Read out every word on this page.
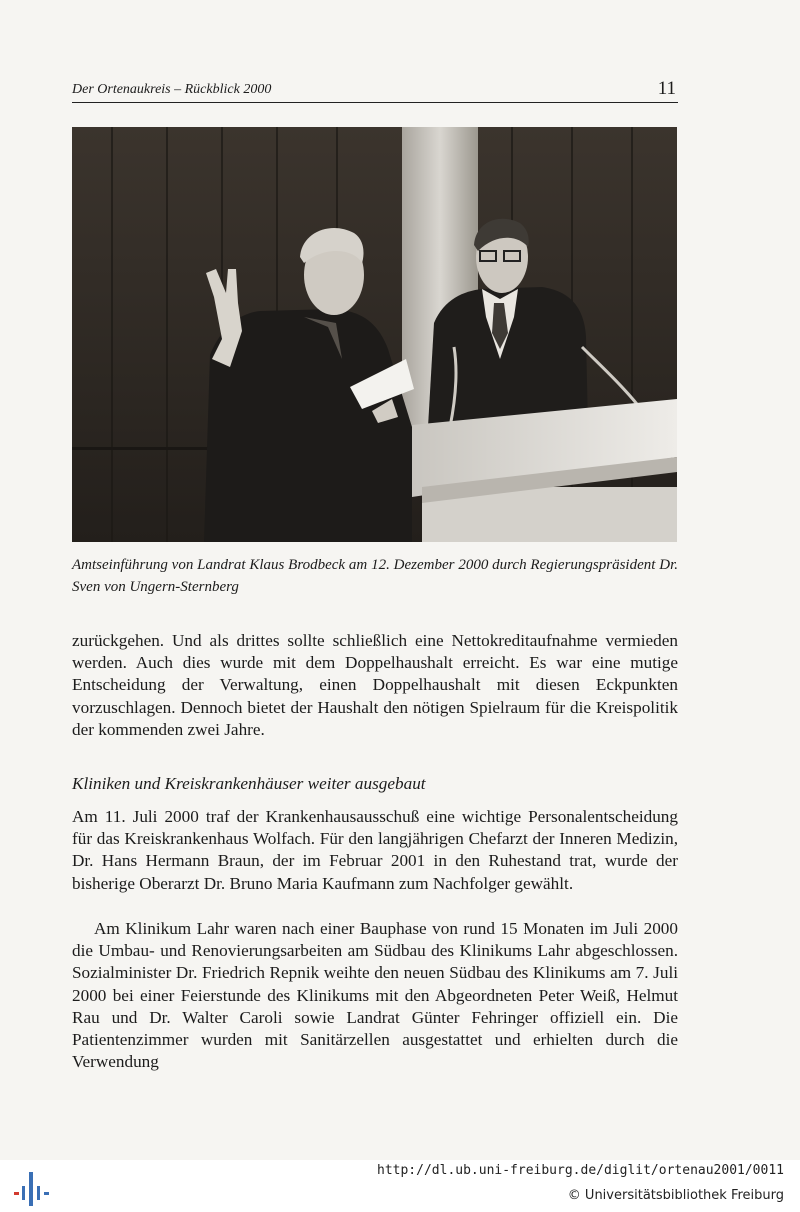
Der Ortenaukreis – Rückblick 2000	11
Amtseinführung von Landrat Klaus Brodbeck am 12. Dezember 2000 durch Regierungspräsident Dr. Sven von Ungern-Sternberg

zurückgehen. Und als drittes sollte schließlich eine Nettokreditaufnahme vermieden werden. Auch dies wurde mit dem Doppelhaushalt erreicht. Es war eine mutige Entscheidung der Verwaltung, einen Doppelhaushalt mit diesen Eckpunkten vorzuschlagen. Dennoch bietet der Haushalt den nötigen Spielraum für die Kreispolitik der kommenden zwei Jahre.

Kliniken und Kreiskrankenhäuser weiter ausgebaut

Am 11. Juli 2000 traf der Krankenhausausschuß eine wichtige Personalentscheidung für das Kreiskrankenhaus Wolfach. Für den langjährigen Chefarzt der Inneren Medizin, Dr. Hans Hermann Braun, der im Februar 2001 in den Ruhestand trat, wurde der bisherige Oberarzt Dr. Bruno Maria Kaufmann zum Nachfolger gewählt.

Am Klinikum Lahr waren nach einer Bauphase von rund 15 Monaten im Juli 2000 die Umbau- und Renovierungsarbeiten am Südbau des Klinikums Lahr abgeschlossen. Sozialminister Dr. Friedrich Repnik weihte den neuen Südbau des Klinikums am 7. Juli 2000 bei einer Feierstunde des Klinikums mit den Abgeordneten Peter Weiß, Helmut Rau und Dr. Walter Caroli sowie Landrat Günter Fehringer offiziell ein. Die Patientenzimmer wurden mit Sanitärzellen ausgestattet und erhielten durch die Verwendung

http://dl.ub.uni-freiburg.de/diglit/ortenau2001/0011
© Universitätsbibliothek Freiburg
